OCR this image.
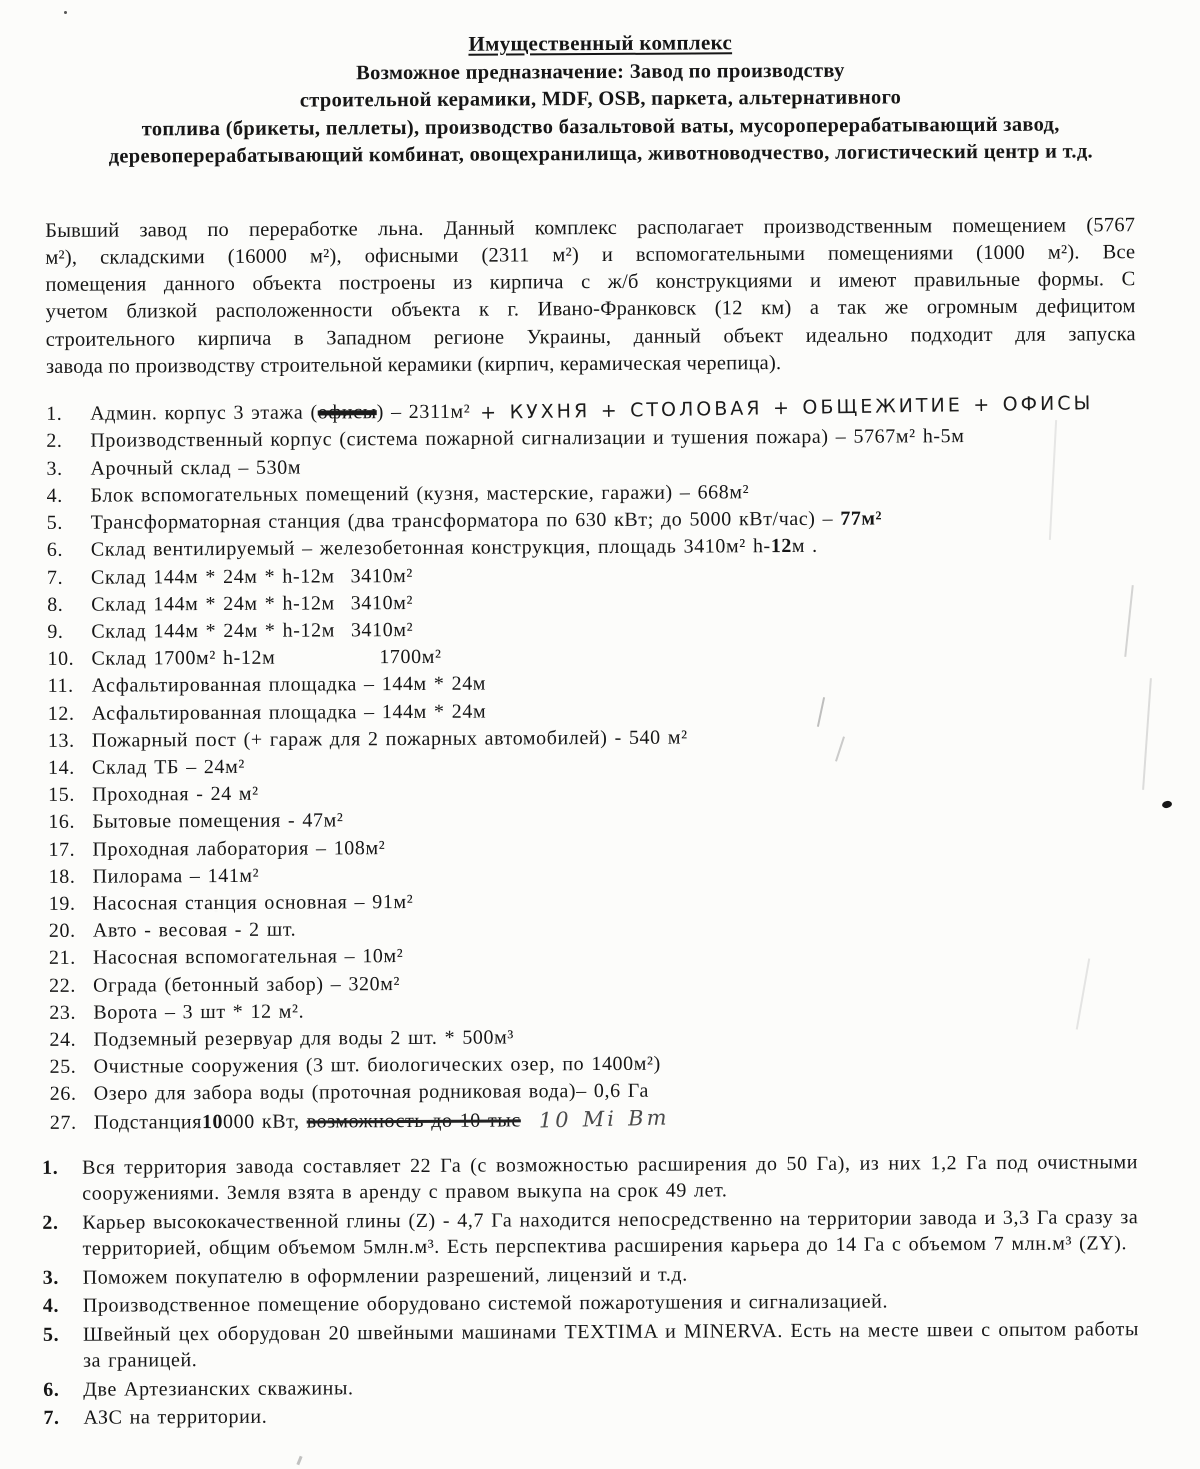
Имущественный комплекс
Возможное предназначение: Завод по производству
строительной керамики, MDF, OSB, паркета, альтернативного
топлива (брикеты, пеллеты), производство базальтовой ваты, мусороперерабатывающий завод,
деревоперерабатывающий комбинат, овощехранилища, животноводчество, логистический центр и т.д.
Бывший завод по переработке льна. Данный комплекс располагает производственным помещением (5767
м²), складскими (16000 м²), офисными (2311 м²) и вспомогательными помещениями (1000 м²). Все
помещения данного объекта построены из кирпича с ж/б конструкциями и имеют правильные формы. С
учетом близкой расположенности объекта к г. Ивано-Франковск (12 км) а так же огромным дефицитом
строительного кирпича в Западном регионе Украины, данный объект идеально подходит для запуска
завода по производству строительной керамики (кирпич, керамическая черепица).
1.	Админ. корпус 3 этажа (офисы) – 2311м² + КУХНЯ + СТОЛОВАЯ + ОБЩЕЖИТИЕ + ОФИСЫ
2.	Производственный корпус (система пожарной сигнализации и тушения пожара) – 5767м² h-5м
3.	Арочный склад – 530м
4.	Блок вспомогательных помещений (кузня, мастерские, гаражи) – 668м²
5.	Трансформаторная станция (два трансформатора по 630 кВт; до 5000 кВт/час) – 77м²
6.	Склад вентилируемый – железобетонная конструкция, площадь 3410м² h-12м .
7.	Склад 144м * 24м * h-12м 3410м²
8.	Склад 144м * 24м * h-12м 3410м²
9.	Склад 144м * 24м * h-12м 3410м²
10. Склад 1700м² h-12м	1700м²
11. Асфальтированная площадка – 144м * 24м
12. Асфальтированная площадка – 144м * 24м
13. Пожарный пост (+ гараж для 2 пожарных автомобилей) - 540 м²
14. Склад ТБ – 24м²
15. Проходная - 24 м²
16. Бытовые помещения - 47м²
17. Проходная лаборатория – 108м²
18. Пилорама – 141м²
19. Насосная станция основная – 91м²
20. Авто - весовая - 2 шт.
21. Насосная вспомогательная – 10м²
22. Ограда (бетонный забор) – 320м²
23. Ворота – 3 шт * 12 м².
24. Подземный резервуар для воды 2 шт. * 500м³
25. Очистные сооружения (3 шт. биологических озер, по 1400м²)
26. Озеро для забора воды (проточная родниковая вода)– 0,6 Га
27. Подстанция10000 кВт, возможность до 10 тыс 10 Мі Вт
1.	Вся территория завода составляет 22 Га (с возможностью расширения до 50 Га), из них 1,2 Га под очистными сооружениями. Земля взята в аренду с правом выкупа на срок 49 лет.
2.	Карьер высококачественной глины (Z) - 4,7 Га находится непосредственно на территории завода и 3,3 Га сразу за территорией, общим объемом 5млн.м³. Есть перспектива расширения карьера до 14 Га с объемом 7 млн.м³ (ZY).
3.	Поможем покупателю в оформлении разрешений, лицензий и т.д.
4.	Производственное помещение оборудовано системой пожаротушения и сигнализацией.
5.	Швейный цех оборудован 20 швейными машинами TEXTIMA и MINERVA. Есть на месте швеи с опытом работы за границей.
6.	Две Артезианских скважины.
7.	АЗС на территории.
